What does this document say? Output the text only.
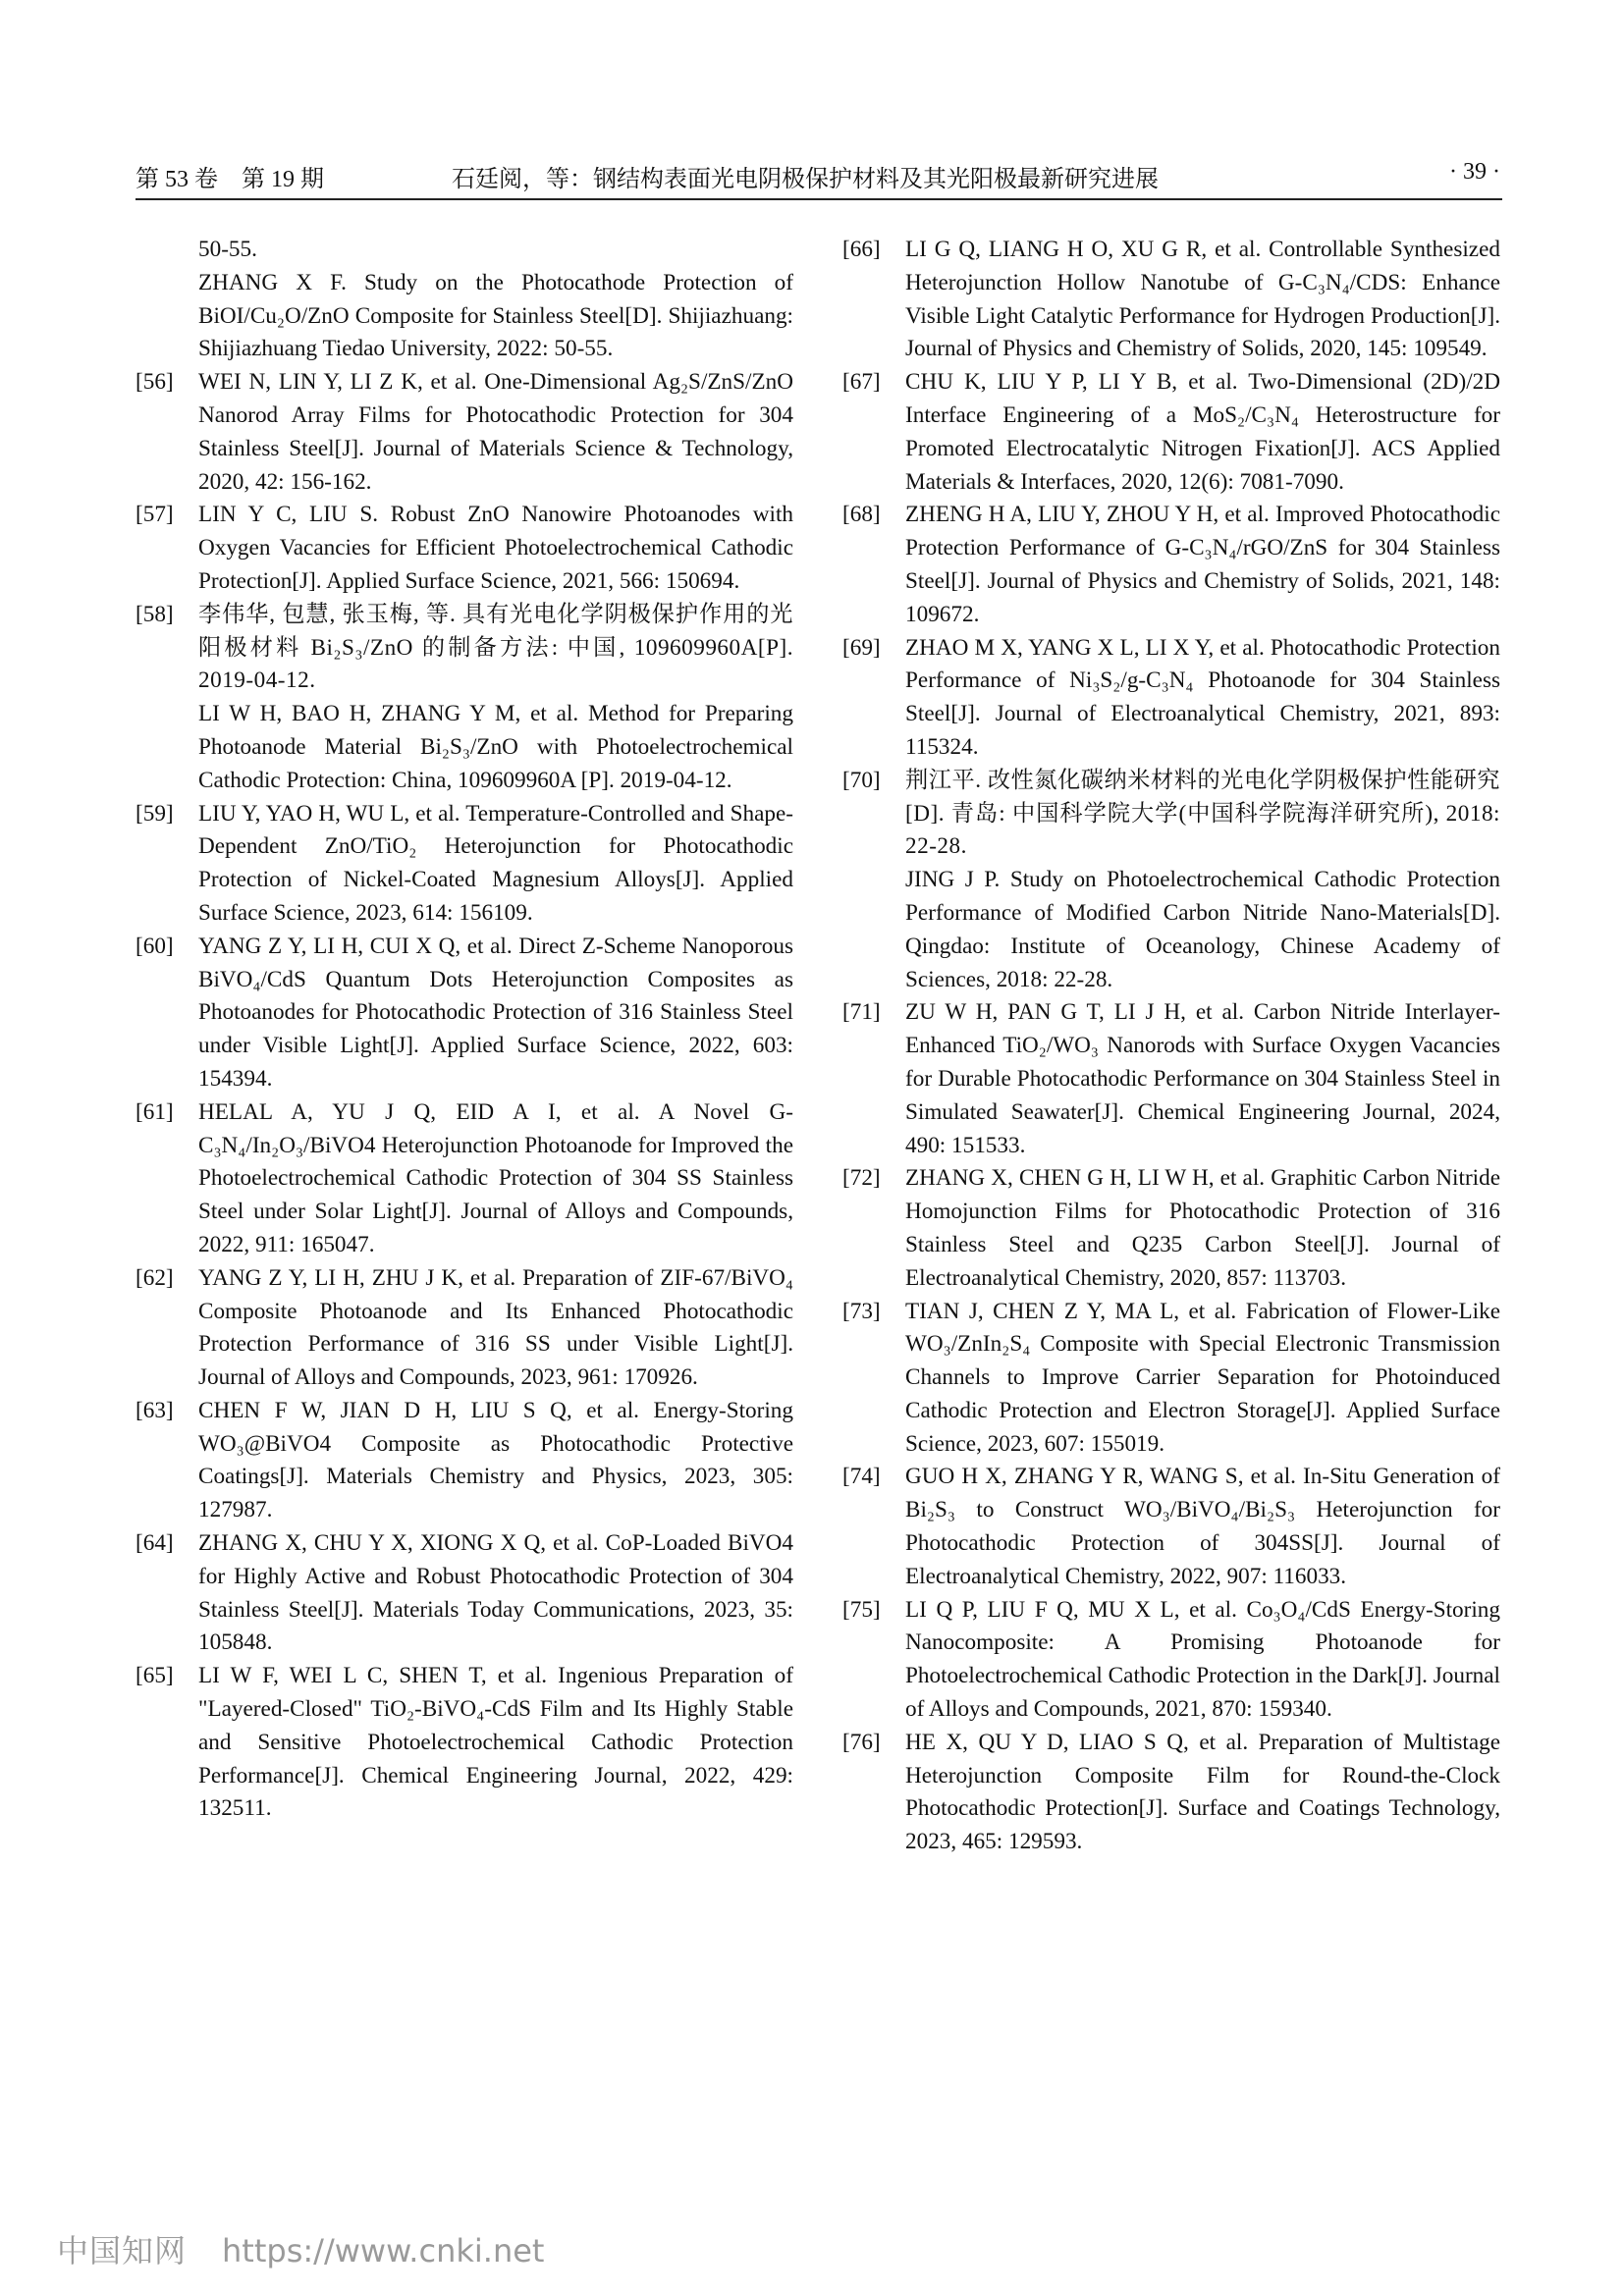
第 53 卷　第 19 期	石廷阅，等：钢结构表面光电阴极保护材料及其光阳极最新研究进展	· 39 ·
50-55.
ZHANG X F. Study on the Photocathode Protection of BiOI/Cu₂O/ZnO Composite for Stainless Steel[D]. Shijiazhuang: Shijiazhuang Tiedao University, 2022: 50-55.
[56] WEI N, LIN Y, LI Z K, et al. One-Dimensional Ag₂S/ZnS/ZnO Nanorod Array Films for Photocathodic Protection for 304 Stainless Steel[J]. Journal of Materials Science & Technology, 2020, 42: 156-162.
[57] LIN Y C, LIU S. Robust ZnO Nanowire Photoanodes with Oxygen Vacancies for Efficient Photoelectrochemical Cathodic Protection[J]. Applied Surface Science, 2021, 566: 150694.
[58] 李伟华, 包慧, 张玉梅, 等. 具有光电化学阴极保护作用的光阳极材料 Bi₂S₃/ZnO 的制备方法: 中国, 109609960A[P]. 2019-04-12.
LI W H, BAO H, ZHANG Y M, et al. Method for Preparing Photoanode Material Bi₂S₃/ZnO with Photoelectrochemical Cathodic Protection: China, 109609960A [P]. 2019-04-12.
[59] LIU Y, YAO H, WU L, et al. Temperature-Controlled and Shape-Dependent ZnO/TiO₂ Heterojunction for Photocathodic Protection of Nickel-Coated Magnesium Alloys[J]. Applied Surface Science, 2023, 614: 156109.
[60] YANG Z Y, LI H, CUI X Q, et al. Direct Z-Scheme Nanoporous BiVO₄/CdS Quantum Dots Heterojunction Composites as Photoanodes for Photocathodic Protection of 316 Stainless Steel under Visible Light[J]. Applied Surface Science, 2022, 603: 154394.
[61] HELAL A, YU J Q, EID A I, et al. A Novel G-C₃N₄/In₂O₃/BiVO4 Heterojunction Photoanode for Improved the Photoelectrochemical Cathodic Protection of 304 SS Stainless Steel under Solar Light[J]. Journal of Alloys and Compounds, 2022, 911: 165047.
[62] YANG Z Y, LI H, ZHU J K, et al. Preparation of ZIF-67/BiVO₄ Composite Photoanode and Its Enhanced Photocathodic Protection Performance of 316 SS under Visible Light[J]. Journal of Alloys and Compounds, 2023, 961: 170926.
[63] CHEN F W, JIAN D H, LIU S Q, et al. Energy-Storing WO₃@BiVO4 Composite as Photocathodic Protective Coatings[J]. Materials Chemistry and Physics, 2023, 305: 127987.
[64] ZHANG X, CHU Y X, XIONG X Q, et al. CoP-Loaded BiVO4 for Highly Active and Robust Photocathodic Protection of 304 Stainless Steel[J]. Materials Today Communications, 2023, 35: 105848.
[65] LI W F, WEI L C, SHEN T, et al. Ingenious Preparation of "Layered-Closed" TiO₂-BiVO₄-CdS Film and Its Highly Stable and Sensitive Photoelectrochemical Cathodic Protection Performance[J]. Chemical Engineering Journal, 2022, 429: 132511.
[66] LI G Q, LIANG H O, XU G R, et al. Controllable Synthesized Heterojunction Hollow Nanotube of G-C₃N₄/CDS: Enhance Visible Light Catalytic Performance for Hydrogen Production[J]. Journal of Physics and Chemistry of Solids, 2020, 145: 109549.
[67] CHU K, LIU Y P, LI Y B, et al. Two-Dimensional (2D)/2D Interface Engineering of a MoS₂/C₃N₄ Heterostructure for Promoted Electrocatalytic Nitrogen Fixation[J]. ACS Applied Materials & Interfaces, 2020, 12(6): 7081-7090.
[68] ZHENG H A, LIU Y, ZHOU Y H, et al. Improved Photocathodic Protection Performance of G-C₃N₄/rGO/ZnS for 304 Stainless Steel[J]. Journal of Physics and Chemistry of Solids, 2021, 148: 109672.
[69] ZHAO M X, YANG X L, LI X Y, et al. Photocathodic Protection Performance of Ni₃S₂/g-C₃N₄ Photoanode for 304 Stainless Steel[J]. Journal of Electroanalytical Chemistry, 2021, 893: 115324.
[70] 荆江平. 改性氮化碳纳米材料的光电化学阴极保护性能研究[D]. 青岛: 中国科学院大学(中国科学院海洋研究所), 2018: 22-28.
JING J P. Study on Photoelectrochemical Cathodic Protection Performance of Modified Carbon Nitride Nano-Materials[D]. Qingdao: Institute of Oceanology, Chinese Academy of Sciences, 2018: 22-28.
[71] ZU W H, PAN G T, LI J H, et al. Carbon Nitride Interlayer-Enhanced TiO₂/WO₃ Nanorods with Surface Oxygen Vacancies for Durable Photocathodic Performance on 304 Stainless Steel in Simulated Seawater[J]. Chemical Engineering Journal, 2024, 490: 151533.
[72] ZHANG X, CHEN G H, LI W H, et al. Graphitic Carbon Nitride Homojunction Films for Photocathodic Protection of 316 Stainless Steel and Q235 Carbon Steel[J]. Journal of Electroanalytical Chemistry, 2020, 857: 113703.
[73] TIAN J, CHEN Z Y, MA L, et al. Fabrication of Flower-Like WO₃/ZnIn₂S₄ Composite with Special Electronic Transmission Channels to Improve Carrier Separation for Photoinduced Cathodic Protection and Electron Storage[J]. Applied Surface Science, 2023, 607: 155019.
[74] GUO H X, ZHANG Y R, WANG S, et al. In-Situ Generation of Bi₂S₃ to Construct WO₃/BiVO₄/Bi₂S₃ Heterojunction for Photocathodic Protection of 304SS[J]. Journal of Electroanalytical Chemistry, 2022, 907: 116033.
[75] LI Q P, LIU F Q, MU X L, et al. Co₃O₄/CdS Energy-Storing Nanocomposite: A Promising Photoanode for Photoelectrochemical Cathodic Protection in the Dark[J]. Journal of Alloys and Compounds, 2021, 870: 159340.
[76] HE X, QU Y D, LIAO S Q, et al. Preparation of Multistage Heterojunction Composite Film for Round-the-Clock Photocathodic Protection[J]. Surface and Coatings Technology, 2023, 465: 129593.
中国知网 https://www.cnki.net
